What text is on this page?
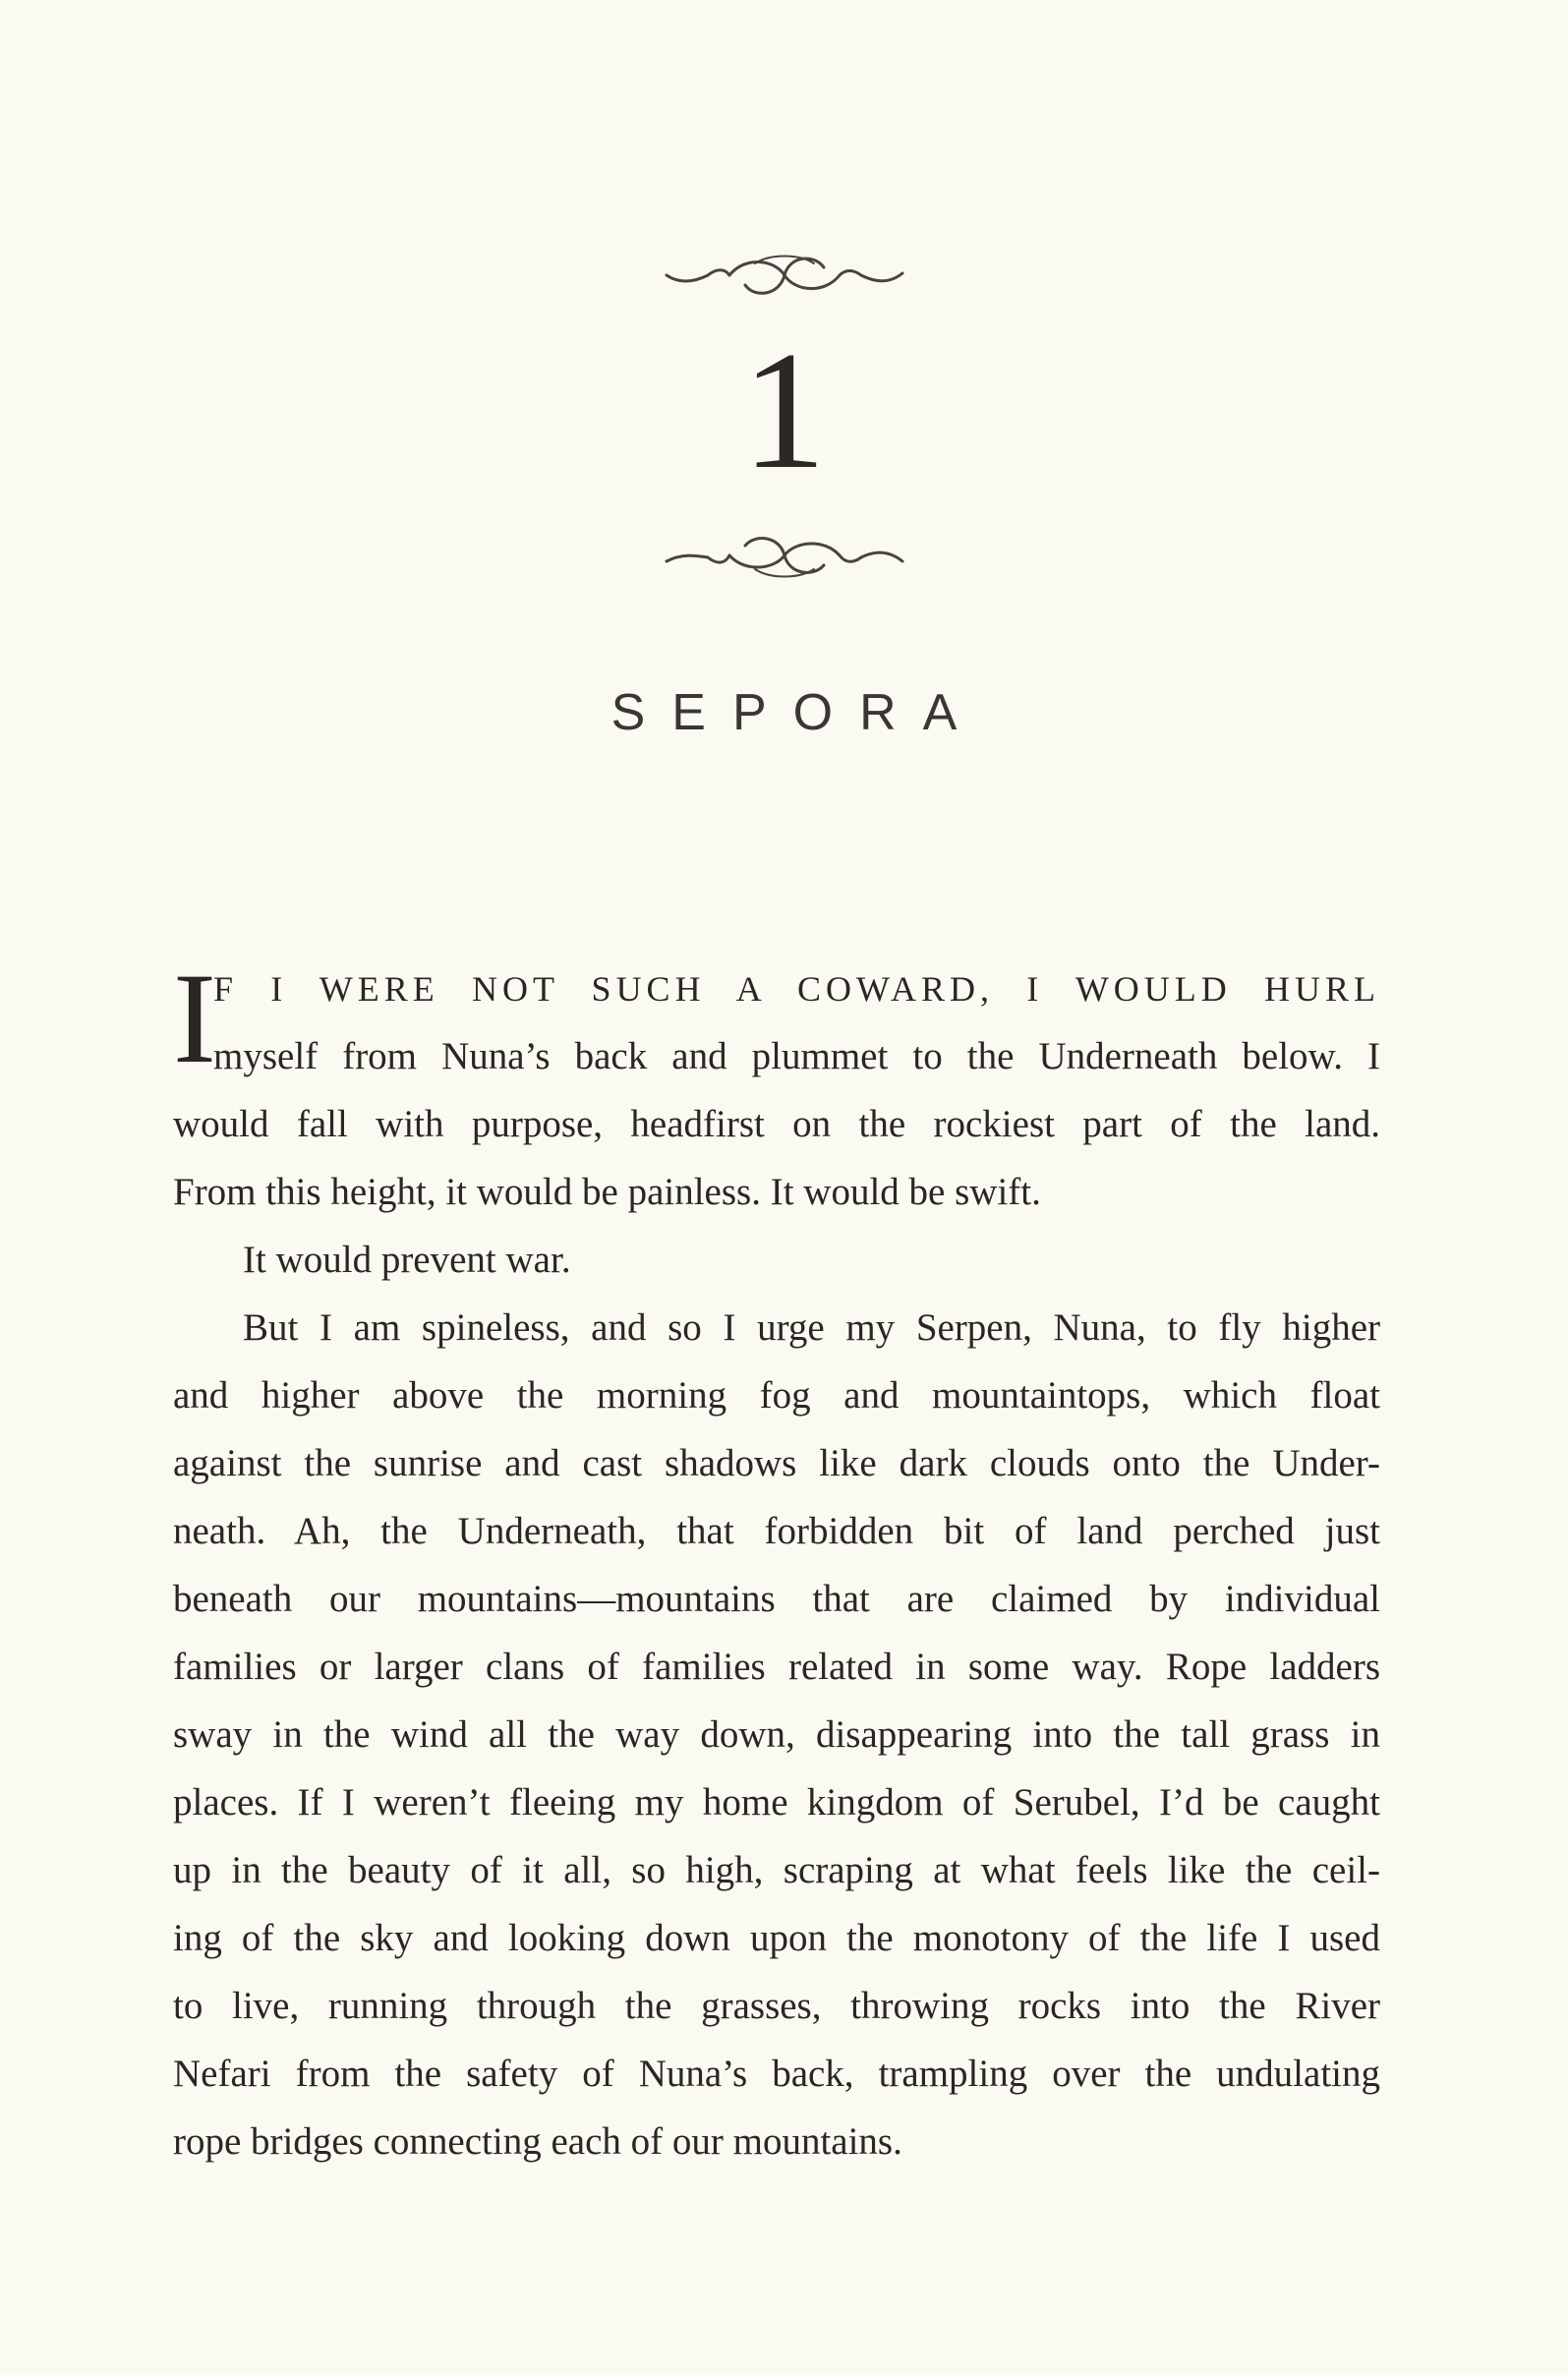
1
SEPORA
I
F I WERE NOT SUCH A COWARD, I WOULD HURL
myself from Nuna’s back and plummet to the Underneath below. I
would fall with purpose, headfirst on the rockiest part of the land.
From this height, it would be painless. It would be swift.
It would prevent war.
But I am spineless, and so I urge my Serpen, Nuna, to fly higher
and higher above the morning fog and mountaintops, which float
against the sunrise and cast shadows like dark clouds onto the Under-
neath. Ah, the Underneath, that forbidden bit of land perched just
beneath our mountains—mountains that are claimed by individual
families or larger clans of families related in some way. Rope ladders
sway in the wind all the way down, disappearing into the tall grass in
places. If I weren’t fleeing my home kingdom of Serubel, I’d be caught
up in the beauty of it all, so high, scraping at what feels like the ceil-
ing of the sky and looking down upon the monotony of the life I used
to live, running through the grasses, throwing rocks into the River
Nefari from the safety of Nuna’s back, trampling over the undulating
rope bridges connecting each of our mountains.
